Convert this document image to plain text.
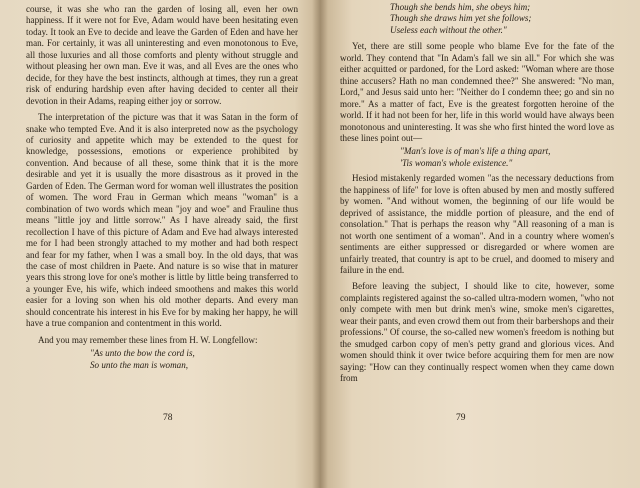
course, it was she who ran the garden of losing all, even her own happiness. If it were not for Eve, Adam would have been hesitating even today. It took an Eve to decide and leave the Garden of Eden and have her man. For certainly, it was all uninteresting and even monotonous to Eve, all those luxuries and all those comforts and plenty without struggle and without pleasing her own man. Eve it was, and all Eves are the ones who decide, for they have the best instincts, although at times, they run a great risk of enduring hardship even after having decided to center all their devotion in their Adams, reaping either joy or sorrow.

The interpretation of the picture was that it was Satan in the form of snake who tempted Eve. And it is also interpreted now as the psychology of curiosity and appetite which may be extended to the quest for knowledge, possessions, emotions or experience prohibited by convention. And because of all these, some think that it is the more desirable and yet it is usually the more disastrous as it proved in the Garden of Eden. The German word for woman well illustrates the position of women. The word Frau in German which means "woman" is a combination of two words which mean "joy and woe" and Frauline thus means "little joy and little sorrow." As I have already said, the first recollection I have of this picture of Adam and Eve had always interested me for I had been strongly attached to my mother and had both respect and fear for my father, when I was a small boy. In the old days, that was the case of most children in Paete. And nature is so wise that in maturer years this strong love for one's mother is little by little being transferred to a younger Eve, his wife, which indeed smoothens and makes this world easier for a loving son when his old mother departs. And every man should concentrate his interest in his Eve for by making her happy, he will have a true companion and contentment in this world.

And you may remember these lines from H. W. Longfellow:

"As unto the bow the cord is,
So unto the man is woman,
78
Though she bends him, she obeys him;
Though she draws him yet she follows;
Useless each without the other."

Yet, there are still some people who blame Eve for the fate of the world. They contend that "In Adam's fall we sin all." For which she was either acquitted or pardoned, for the Lord asked: "Woman where are those thine accusers? Hath no man condemned thee?" She answered: "No man, Lord," and Jesus said unto her: "Neither do I condemn thee; go and sin no more." As a matter of fact, Eve is the greatest forgotten heroine of the world. If it had not been for her, life in this world would have always been monotonous and uninteresting. It was she who first hinted the word love as these lines point out—

"Man's love is of man's life a thing apart,
'Tis woman's whole existence."

Hesiod mistakenly regarded women "as the necessary deductions from the happiness of life" for love is often abused by men and mostly suffered by women. "And without women, the beginning of our life would be deprived of assistance, the middle portion of pleasure, and the end of consolation." That is perhaps the reason why "All reasoning of a man is not worth one sentiment of a woman". And in a country where women's sentiments are either suppressed or disregarded or where women are unfairly treated, that country is apt to be cruel, and doomed to misery and failure in the end.

Before leaving the subject, I should like to cite, however, some complaints registered against the so-called ultra-modern women, "who not only compete with men but drink men's wine, smoke men's cigarettes, wear their pants, and even crowd them out from their barbershops and their professions." Of course, the so-called new women's freedom is nothing but the smudged carbon copy of men's petty grand and glorious vices. And women should think it over twice before acquiring them for men are now saying: "How can they continually respect women when they came down from

79
